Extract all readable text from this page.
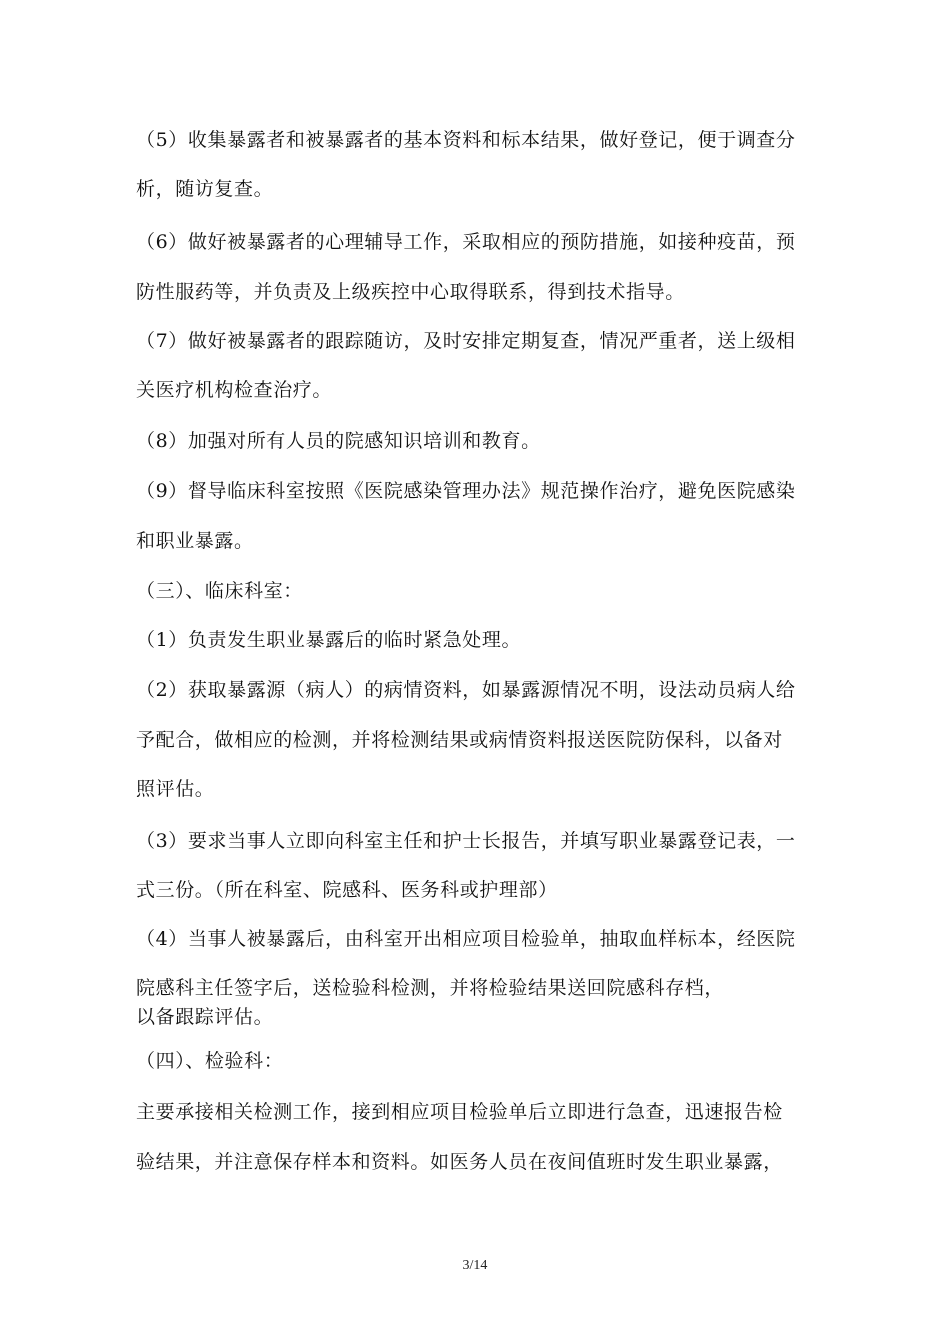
（5）收集暴露者和被暴露者的基本资料和标本结果，做好登记，便于调查分
析，随访复查。
（6）做好被暴露者的心理辅导工作，采取相应的预防措施，如接种疫苗，预
防性服药等，并负责及上级疾控中心取得联系，得到技术指导。
（7）做好被暴露者的跟踪随访，及时安排定期复查，情况严重者，送上级相
关医疗机构检查治疗。
（8）加强对所有人员的院感知识培训和教育。
（9）督导临床科室按照《医院感染管理办法》规范操作治疗，避免医院感染
和职业暴露。
（三）、临床科室：
（1）负责发生职业暴露后的临时紧急处理。
（2）获取暴露源（病人）的病情资料，如暴露源情况不明，设法动员病人给
予配合，做相应的检测，并将检测结果或病情资料报送医院防保科，以备对
照评估。
（3）要求当事人立即向科室主任和护士长报告，并填写职业暴露登记表，一
式三份。（所在科室、院感科、医务科或护理部）
（4）当事人被暴露后，由科室开出相应项目检验单，抽取血样标本，经医院
院感科主任签字后，送检验科检测，并将检验结果送回院感科存档，
以备跟踪评估。
（四）、检验科：
主要承接相关检测工作，接到相应项目检验单后立即进行急查，迅速报告检
验结果，并注意保存样本和资料。如医务人员在夜间值班时发生职业暴露，
3/14
